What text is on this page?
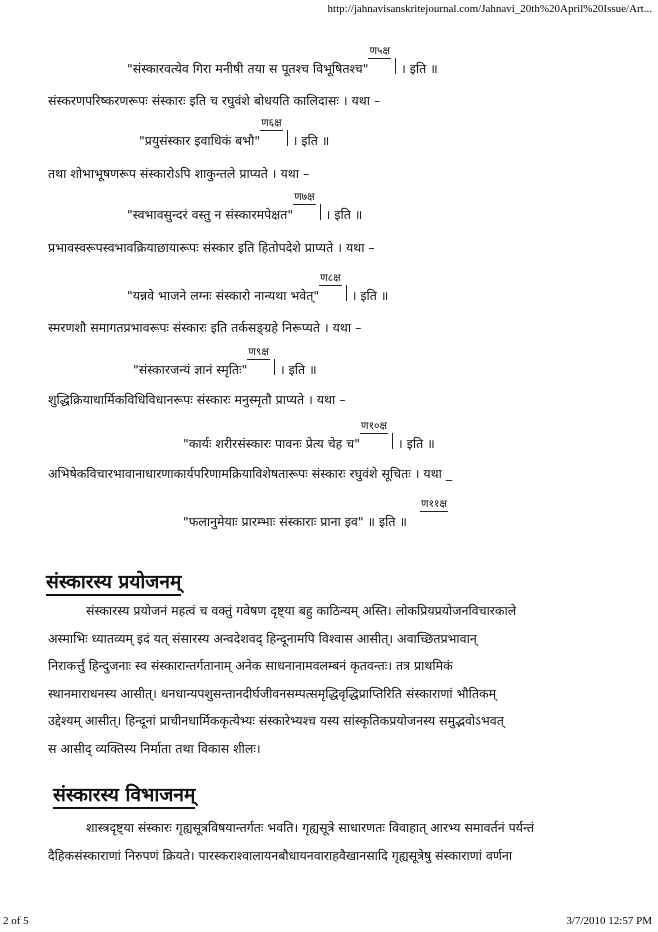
http://jahnavisanskritejournal.com/Jahnavi_20th%20April%20Issue/Art...
"संस्कारवत्येव गिरा मनीषी तया स पूतश्च विभूषितश्च"ण५क्ष। इति ॥
संस्करणपरिष्करणरूपः संस्कारः इति च रघुवंशे बोधयति कालिदासः । यथा –
"प्रयुसंस्कार इवाधिकं बभौ"ण६क्ष। इति ॥
तथा शोभाभूषणरूप संस्कारोऽपि शाकुन्तले प्राप्यते । यथा –
"स्वभावसुन्दरं वस्तु न संस्कारमपेक्षत"ण७क्ष। इति ॥
प्रभावस्वरूपस्वभावक्रियाछायारूपः संस्कार इति हितोपदेशे प्राप्यते । यथा –
"यन्नवे भाजने लग्नः संस्कारो नान्यथा भवेत्"ण८क्ष। इति ॥
स्मरणशौ समागतप्रभावरूपः संस्कारः इति तर्कसङ्ग्रहे निरूप्यते । यथा –
"संस्कारजन्यं ज्ञानं स्मृतिः"ण९क्ष। इति ॥
शुद्धिक्रियाधार्मिकविधिविधानरूपः संस्कारः मनुस्मृतौ प्राप्यते । यथा –
"कार्यः शरीरसंस्कारः पावनः प्रेत्य चेह च"ण१०क्ष। इति ॥
अभिषेकविचारभावानाधारणाकार्यपरिणामक्रियाविशेषतारूपः संस्कारः रघुवंशे सूचितः । यथा _
"फलानुमेयाः प्रारम्भाः संस्काराः प्राना इव" ॥ इति ॥
ण११क्ष
संस्कारस्य प्रयोजनम्
संस्कारस्य प्रयोजनं महत्वं च वक्तुं गवेषण दृष्ट्या बहु काठिन्यम् अस्ति। लोकप्रियप्रयोजनविचारकाले
अस्माभिः ध्यातव्यम् इदं यत् संसारस्य अन्वदेशवद् हिन्दूनामपि विश्वास आसीत्। अवाच्छितप्रभावान्
निराकर्त्तुं हिन्दुजनाः स्व संस्कारान्तर्गतानाम् अनेक साधनानामवलम्बनं कृतवन्तः। तत्र प्राथमिकं
स्थानमाराधनस्य आसीत्। धनधान्यपशुसन्तानदीर्घजीवनसम्पत्समृद्धिवृद्धिप्राप्तिरिति संस्काराणां भौतिकम्
उद्देश्यम् आसीत्। हिन्दूनां प्राचीनधार्मिककृत्येभ्यः संस्कारेभ्यश्च यस्य सांस्कृतिकप्रयोजनस्य समुद्भवोऽभवत्
स आसीद् व्यक्तिस्य निर्माता तथा विकास शीलः।
संस्कारस्य विभाजनम्
शास्त्रदृष्ट्या संस्कारः गृह्यसूत्रविषयान्तर्गतः भवति। गृह्यसूत्रे साधारणतः विवाहात् आरभ्य समावर्तनं पर्यन्तं
दैहिकसंस्काराणां निरुपणं क्रियते। पारस्कराश्वालायनबौधायनवाराहवैखानसादि गृह्यसूत्रेषु संस्काराणां वर्णना
2 of 5	3/7/2010 12:57 PM
